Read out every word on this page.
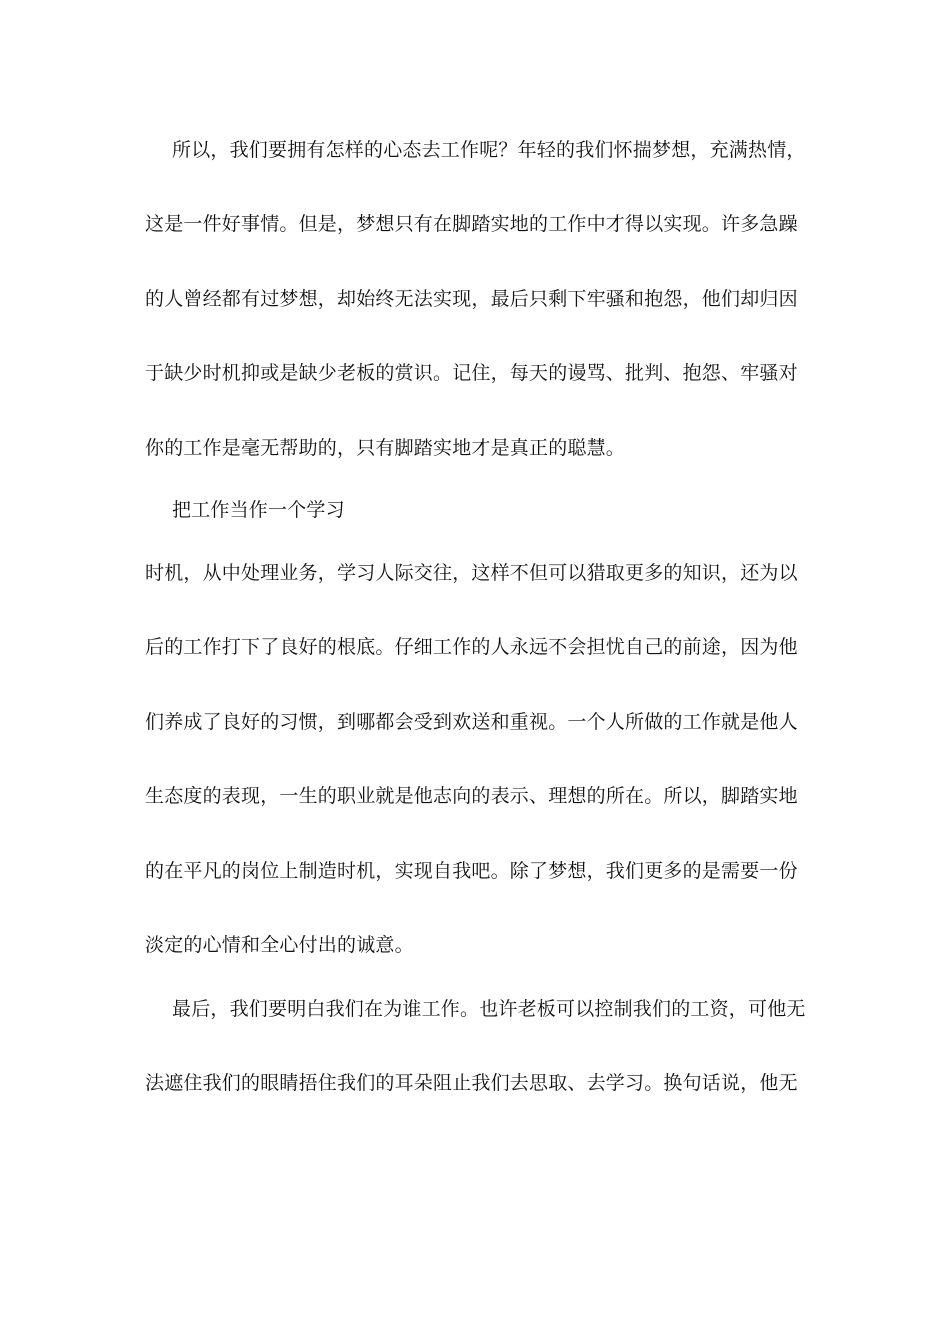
所以，我们要拥有怎样的心态去工作呢？年轻的我们怀揣梦想，充满热情，
这是一件好事情。但是，梦想只有在脚踏实地的工作中才得以实现。许多急躁
的人曾经都有过梦想，却始终无法实现，最后只剩下牢骚和抱怨，他们却归因
于缺少时机抑或是缺少老板的赏识。记住，每天的谩骂、批判、抱怨、牢骚对
你的工作是毫无帮助的，只有脚踏实地才是真正的聪慧。
把工作当作一个学习
时机，从中处理业务，学习人际交往，这样不但可以猎取更多的知识，还为以
后的工作打下了良好的根底。仔细工作的人永远不会担忧自己的前途，因为他
们养成了良好的习惯，到哪都会受到欢送和重视。一个人所做的工作就是他人
生态度的表现，一生的职业就是他志向的表示、理想的所在。所以，脚踏实地
的在平凡的岗位上制造时机，实现自我吧。除了梦想，我们更多的是需要一份
淡定的心情和全心付出的诚意。
最后，我们要明白我们在为谁工作。也许老板可以控制我们的工资，可他无
法遮住我们的眼睛捂住我们的耳朵阻止我们去思取、去学习。换句话说，他无
